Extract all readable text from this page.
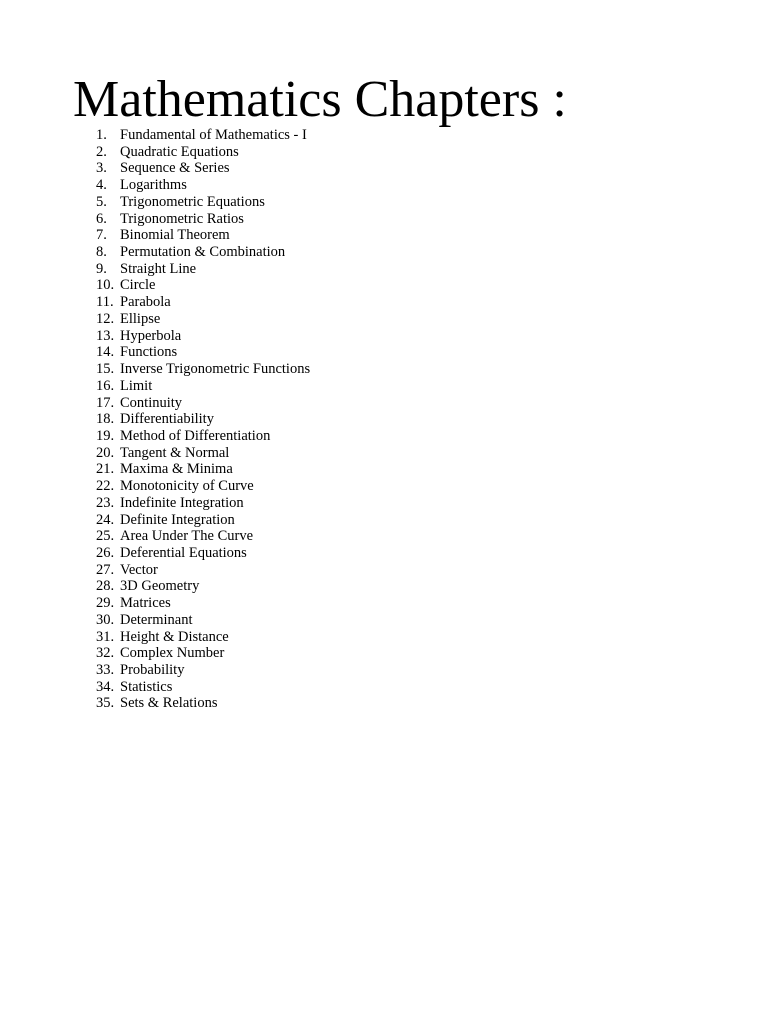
Mathematics Chapters :
1. Fundamental of Mathematics - I
2. Quadratic Equations
3. Sequence & Series
4. Logarithms
5. Trigonometric Equations
6. Trigonometric Ratios
7. Binomial Theorem
8. Permutation & Combination
9. Straight Line
10. Circle
11. Parabola
12. Ellipse
13. Hyperbola
14. Functions
15. Inverse Trigonometric Functions
16. Limit
17. Continuity
18. Differentiability
19. Method of Differentiation
20. Tangent & Normal
21. Maxima & Minima
22. Monotonicity of Curve
23. Indefinite Integration
24. Definite Integration
25. Area Under The Curve
26. Deferential Equations
27. Vector
28. 3D Geometry
29. Matrices
30. Determinant
31. Height & Distance
32. Complex Number
33. Probability
34. Statistics
35. Sets & Relations
